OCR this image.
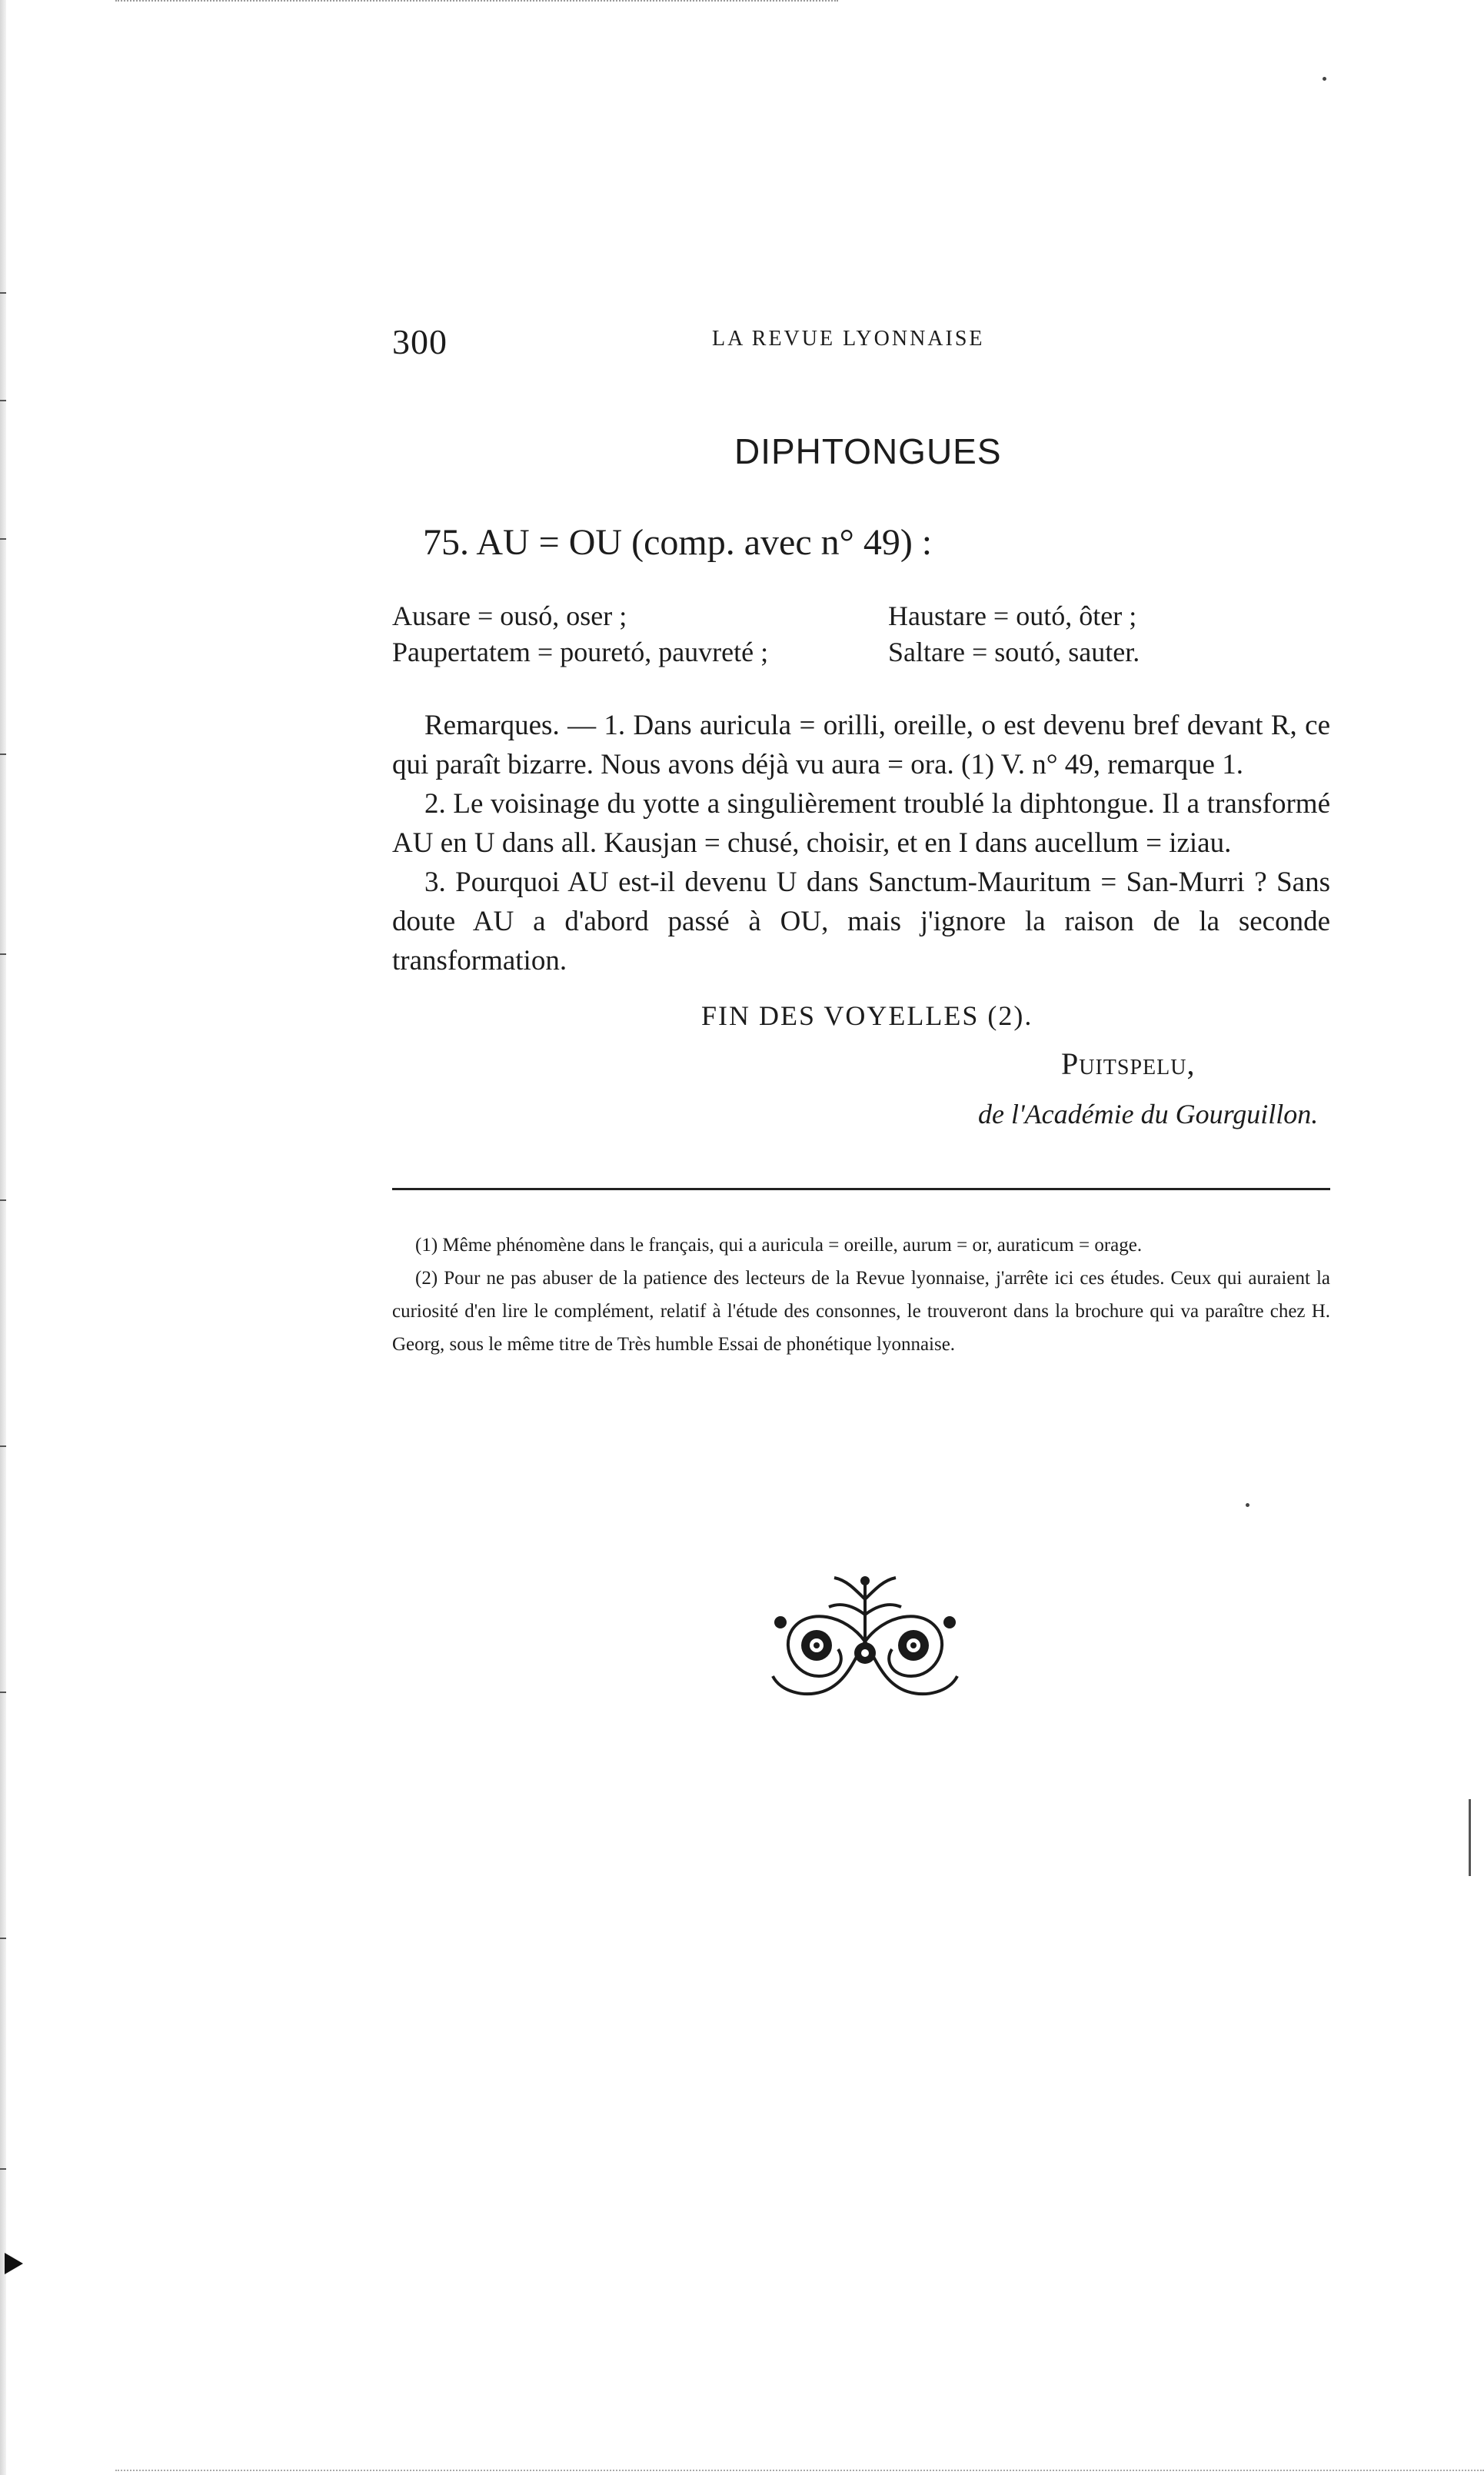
300	LA REVUE LYONNAISE
DIPHTONGUES
75. AU = OU (comp. avec n° 49) :
Ausare = ousó, oser ;	Haustare = outó, ôter ;
Paupertatem = pouretó, pauvreté ;	Saltare = soutó, sauter.

Remarques. — 1. Dans auricula = orilli, oreille, o est devenu bref devant R, ce qui paraît bizarre. Nous avons déjà vu aura = ora. (1) V. n° 49, remarque 1.

2. Le voisinage du yotte a singulièrement troublé la diphtongue. Il a transformé AU en U dans all. Kausjan = chusé, choisir, et en I dans aucellum = iziau.

3. Pourquoi AU est-il devenu U dans Sanctum-Mauritum = San-Murri ? Sans doute AU a d'abord passé à OU, mais j'ignore la raison de la seconde transformation.

FIN DES VOYELLES (2).
Puitspelu,
de l'Académie du Gourguillon.

(1) Même phénomène dans le français, qui a auricula = oreille, aurum = or, auraticum = orage.

(2) Pour ne pas abuser de la patience des lecteurs de la Revue lyonnaise, j'arrête ici ces études. Ceux qui auraient la curiosité d'en lire le complément, relatif à l'étude des consonnes, le trouveront dans la brochure qui va paraître chez H. Georg, sous le même titre de Très humble Essai de phonétique lyonnaise.
